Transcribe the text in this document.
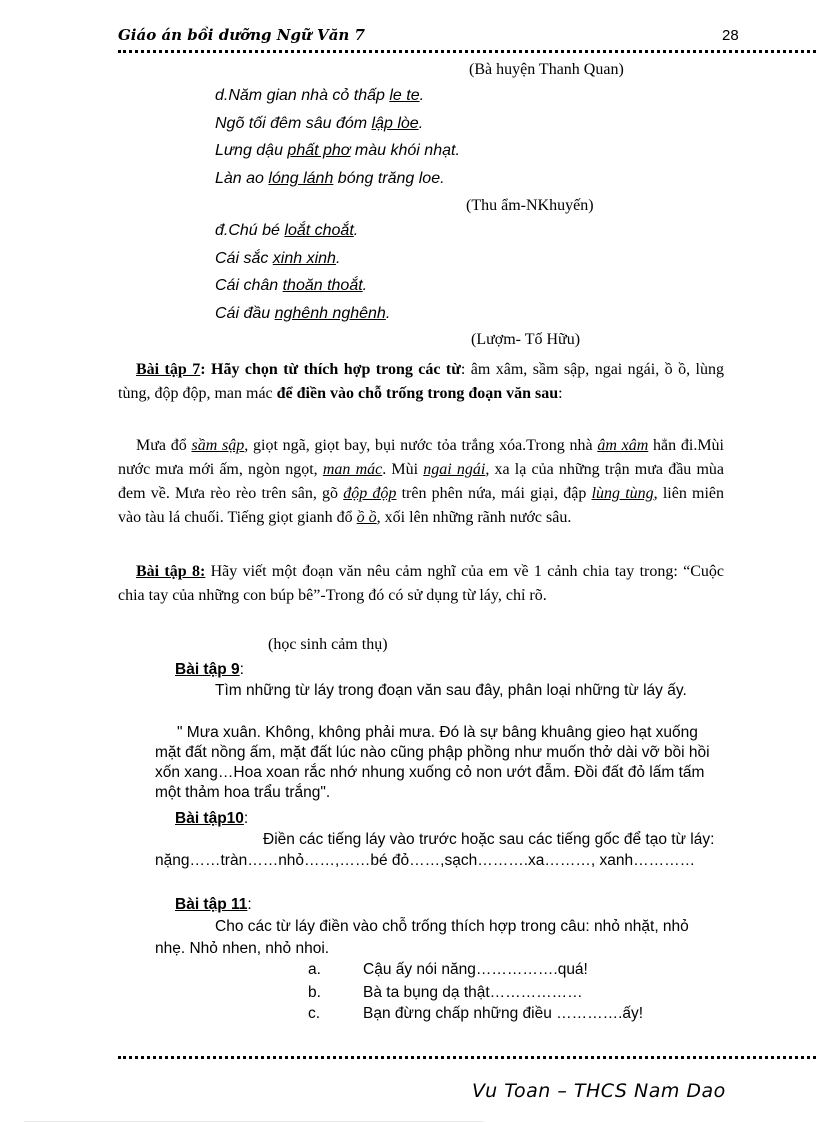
Giáo án bồi dưỡng Ngữ Văn 7	28
(Bà huyện Thanh Quan)
d.Năm gian nhà cỏ thấp le te.
Ngõ tối đêm sâu đóm lập lòe.
Lưng dậu phất phơ màu khói nhạt.
Làn ao lóng lánh bóng trăng loe.
(Thu ẩm-NKhuyến)
đ.Chú bé loắt choắt.
Cái sắc xinh xinh.
Cái chân thoăn thoắt.
Cái đầu nghênh nghênh.
(Lượm- Tố Hữu)
Bài tập 7: Hãy chọn từ thích hợp trong các từ: âm xâm, sầm sập, ngai ngái, ồ ồ, lùng tùng, độp độp, man mác để điền vào chỗ trống trong đoạn văn sau:
Mưa đổ sầm sập, giọt ngã, giọt bay, bụi nước tỏa trắng xóa.Trong nhà âm xâm hẳn đi.Mùi nước mưa mới ấm, ngòn ngọt, man mác. Mùi ngai ngái, xa lạ của những trận mưa đầu mùa đem về. Mưa rèo rèo trên sân, gõ độp độp trên phên nứa, mái giại, đập lùng tùng, liên miên vào tàu lá chuối. Tiếng giọt gianh đổ ồ ồ, xối lên những rãnh nước sâu.
Bài tập 8: Hãy viết một đoạn văn nêu cảm nghĩ của em về 1 cảnh chia tay trong: “Cuộc chia tay của những con búp bê”-Trong đó có sử dụng từ láy, chỉ rõ.
(học sinh cảm thụ)
Bài tập 9:
Tìm những từ láy trong đoạn văn sau đây, phân loại những từ láy ấy.
" Mưa xuân. Không, không phải mưa. Đó là sự bâng khuâng gieo hạt xuống mặt đất nồng ấm, mặt đất lúc nào cũng phập phồng như muốn thở dài vỡ bồi hồi xốn xang…Hoa xoan rắc nhớ nhung xuống cỏ non ướt đẫm. Đồi đất đỏ lấm tấm một thảm hoa trẩu trắng".
Bài tập10:
Điền các tiếng láy vào trước hoặc sau các tiếng gốc để tạo từ láy: nặng……tràn……nhỏ……,……bé đỏ……,sạch……….xa………, xanh…………
Bài tập 11:
Cho các từ láy điền vào chỗ trống thích hợp trong câu: nhỏ nhặt, nhỏ nhẹ. Nhỏ nhen, nhỏ nhoi.
a.	Cậu ấy nói năng…………….quá!
b.	Bà ta bụng dạ thật………………
c.	Bạn đừng chấp những điều ………….ấy!
Vu Toan – THCS Nam Dao
